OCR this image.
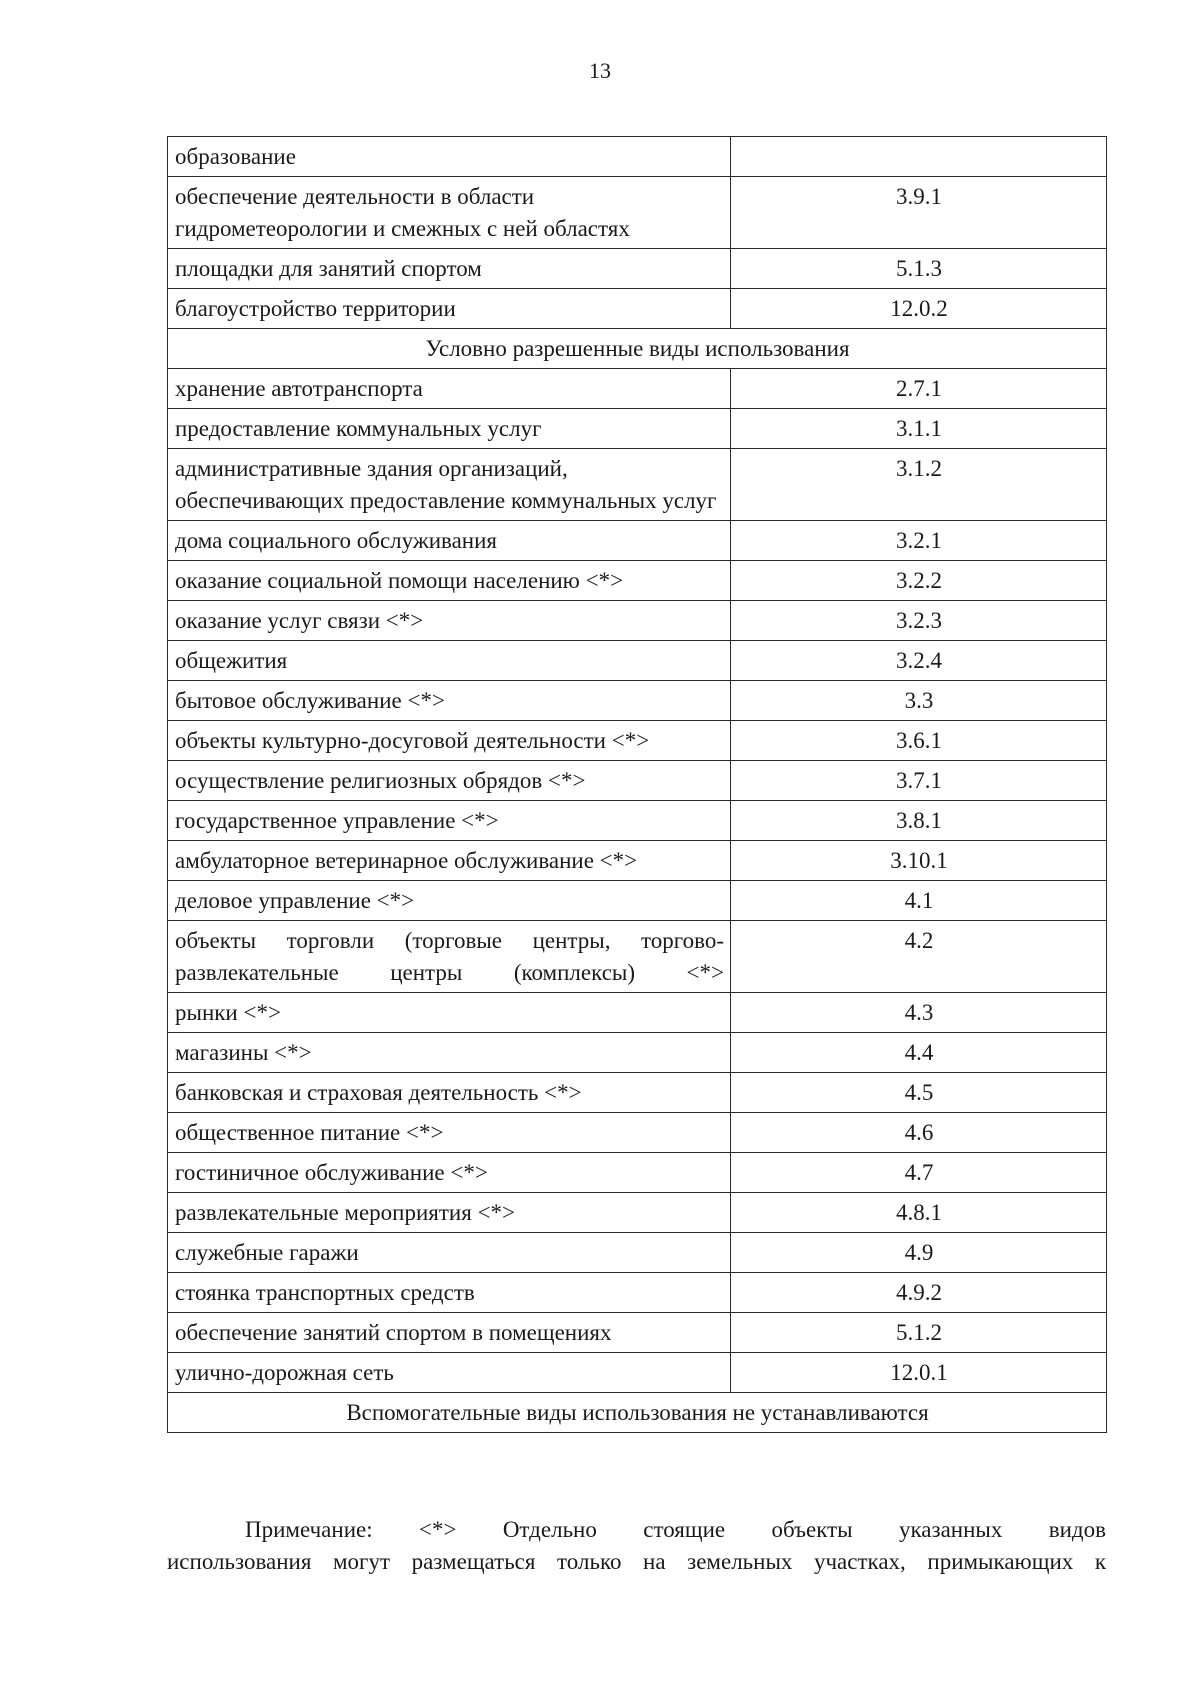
13
образование	
обеспечение деятельности в области гидрометеорологии и смежных с ней областях	3.9.1
площадки для занятий спортом	5.1.3
благоустройство территории	12.0.2
Условно разрешенные виды использования	
хранение автотранспорта	2.7.1
предоставление коммунальных услуг	3.1.1
административные здания организаций, обеспечивающих предоставление коммунальных услуг	3.1.2
дома социального обслуживания	3.2.1
оказание социальной помощи населению <*>	3.2.2
оказание услуг связи <*>	3.2.3
общежития	3.2.4
бытовое обслуживание <*>	3.3
объекты культурно-досуговой деятельности <*>	3.6.1
осуществление религиозных обрядов <*>	3.7.1
государственное управление <*>	3.8.1
амбулаторное ветеринарное обслуживание <*>	3.10.1
деловое управление <*>	4.1
объекты торговли (торговые центры, торгово-развлекательные центры (комплексы) <*>	4.2
рынки <*>	4.3
магазины <*>	4.4
банковская и страховая деятельность <*>	4.5
общественное питание <*>	4.6
гостиничное обслуживание <*>	4.7
развлекательные мероприятия <*>	4.8.1
служебные гаражи	4.9
стоянка транспортных средств	4.9.2
обеспечение занятий спортом в помещениях	5.1.2
улично-дорожная сеть	12.0.1
Вспомогательные виды использования не устанавливаются	
Примечание: <*> Отдельно стоящие объекты указанных видов
использования могут размещаться только на земельных участках, примыкающих к
